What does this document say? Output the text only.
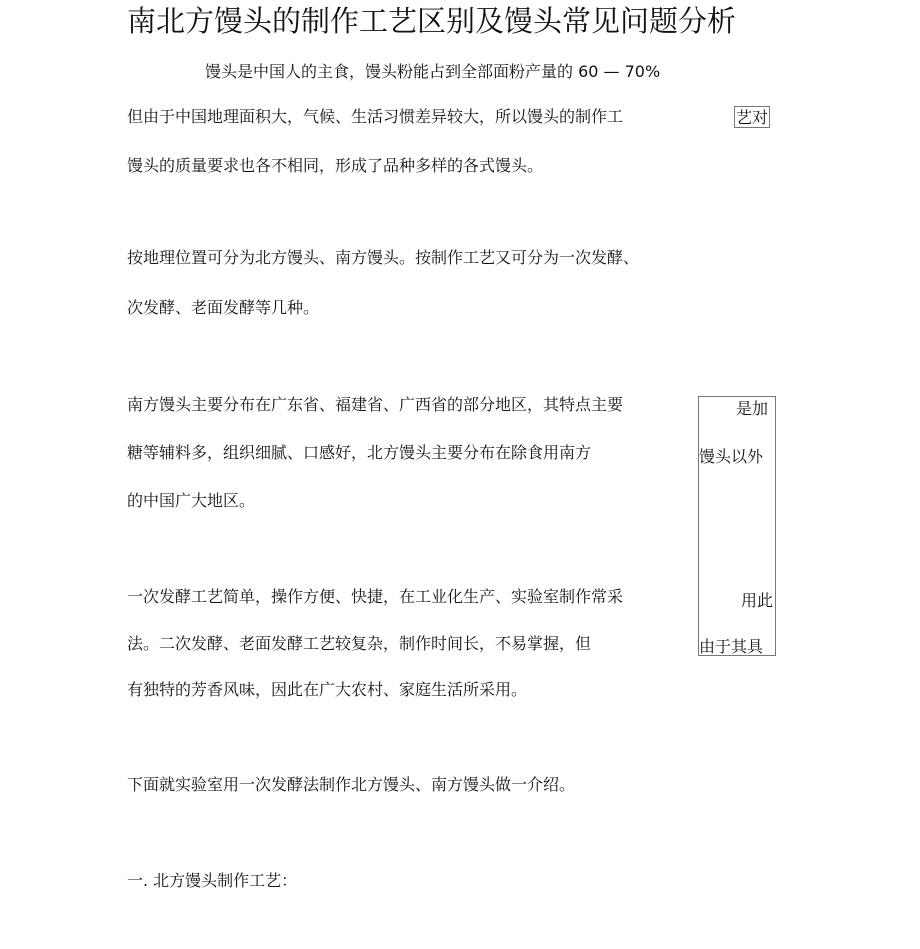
南北方馒头的制作工艺区别及馒头常见问题分析
馒头是中国人的主食，馒头粉能占到全部面粉产量的 60 — 70%
但由于中国地理面积大，气候、生活习惯差异较大，所以馒头的制作工
馒头的质量要求也各不相同，形成了品种多样的各式馒头。
按地理位置可分为北方馒头、南方馒头。按制作工艺又可分为一次发酵、
次发酵、老面发酵等几种。
南方馒头主要分布在广东省、福建省、广西省的部分地区，其特点主要
糖等辅料多，组织细腻、口感好，北方馒头主要分布在除食用南方
的中国广大地区。
一次发酵工艺简单，操作方便、快捷，在工业化生产、实验室制作常采
法。二次发酵、老面发酵工艺较复杂，制作时间长，不易掌握，但
有独特的芳香风味，因此在广大农村、家庭生活所采用。
下面就实验室用一次发酵法制作北方馒头、南方馒头做一介绍。
一. 北方馒头制作工艺：
艺对
是加
馒头以外
用此
由于其具
